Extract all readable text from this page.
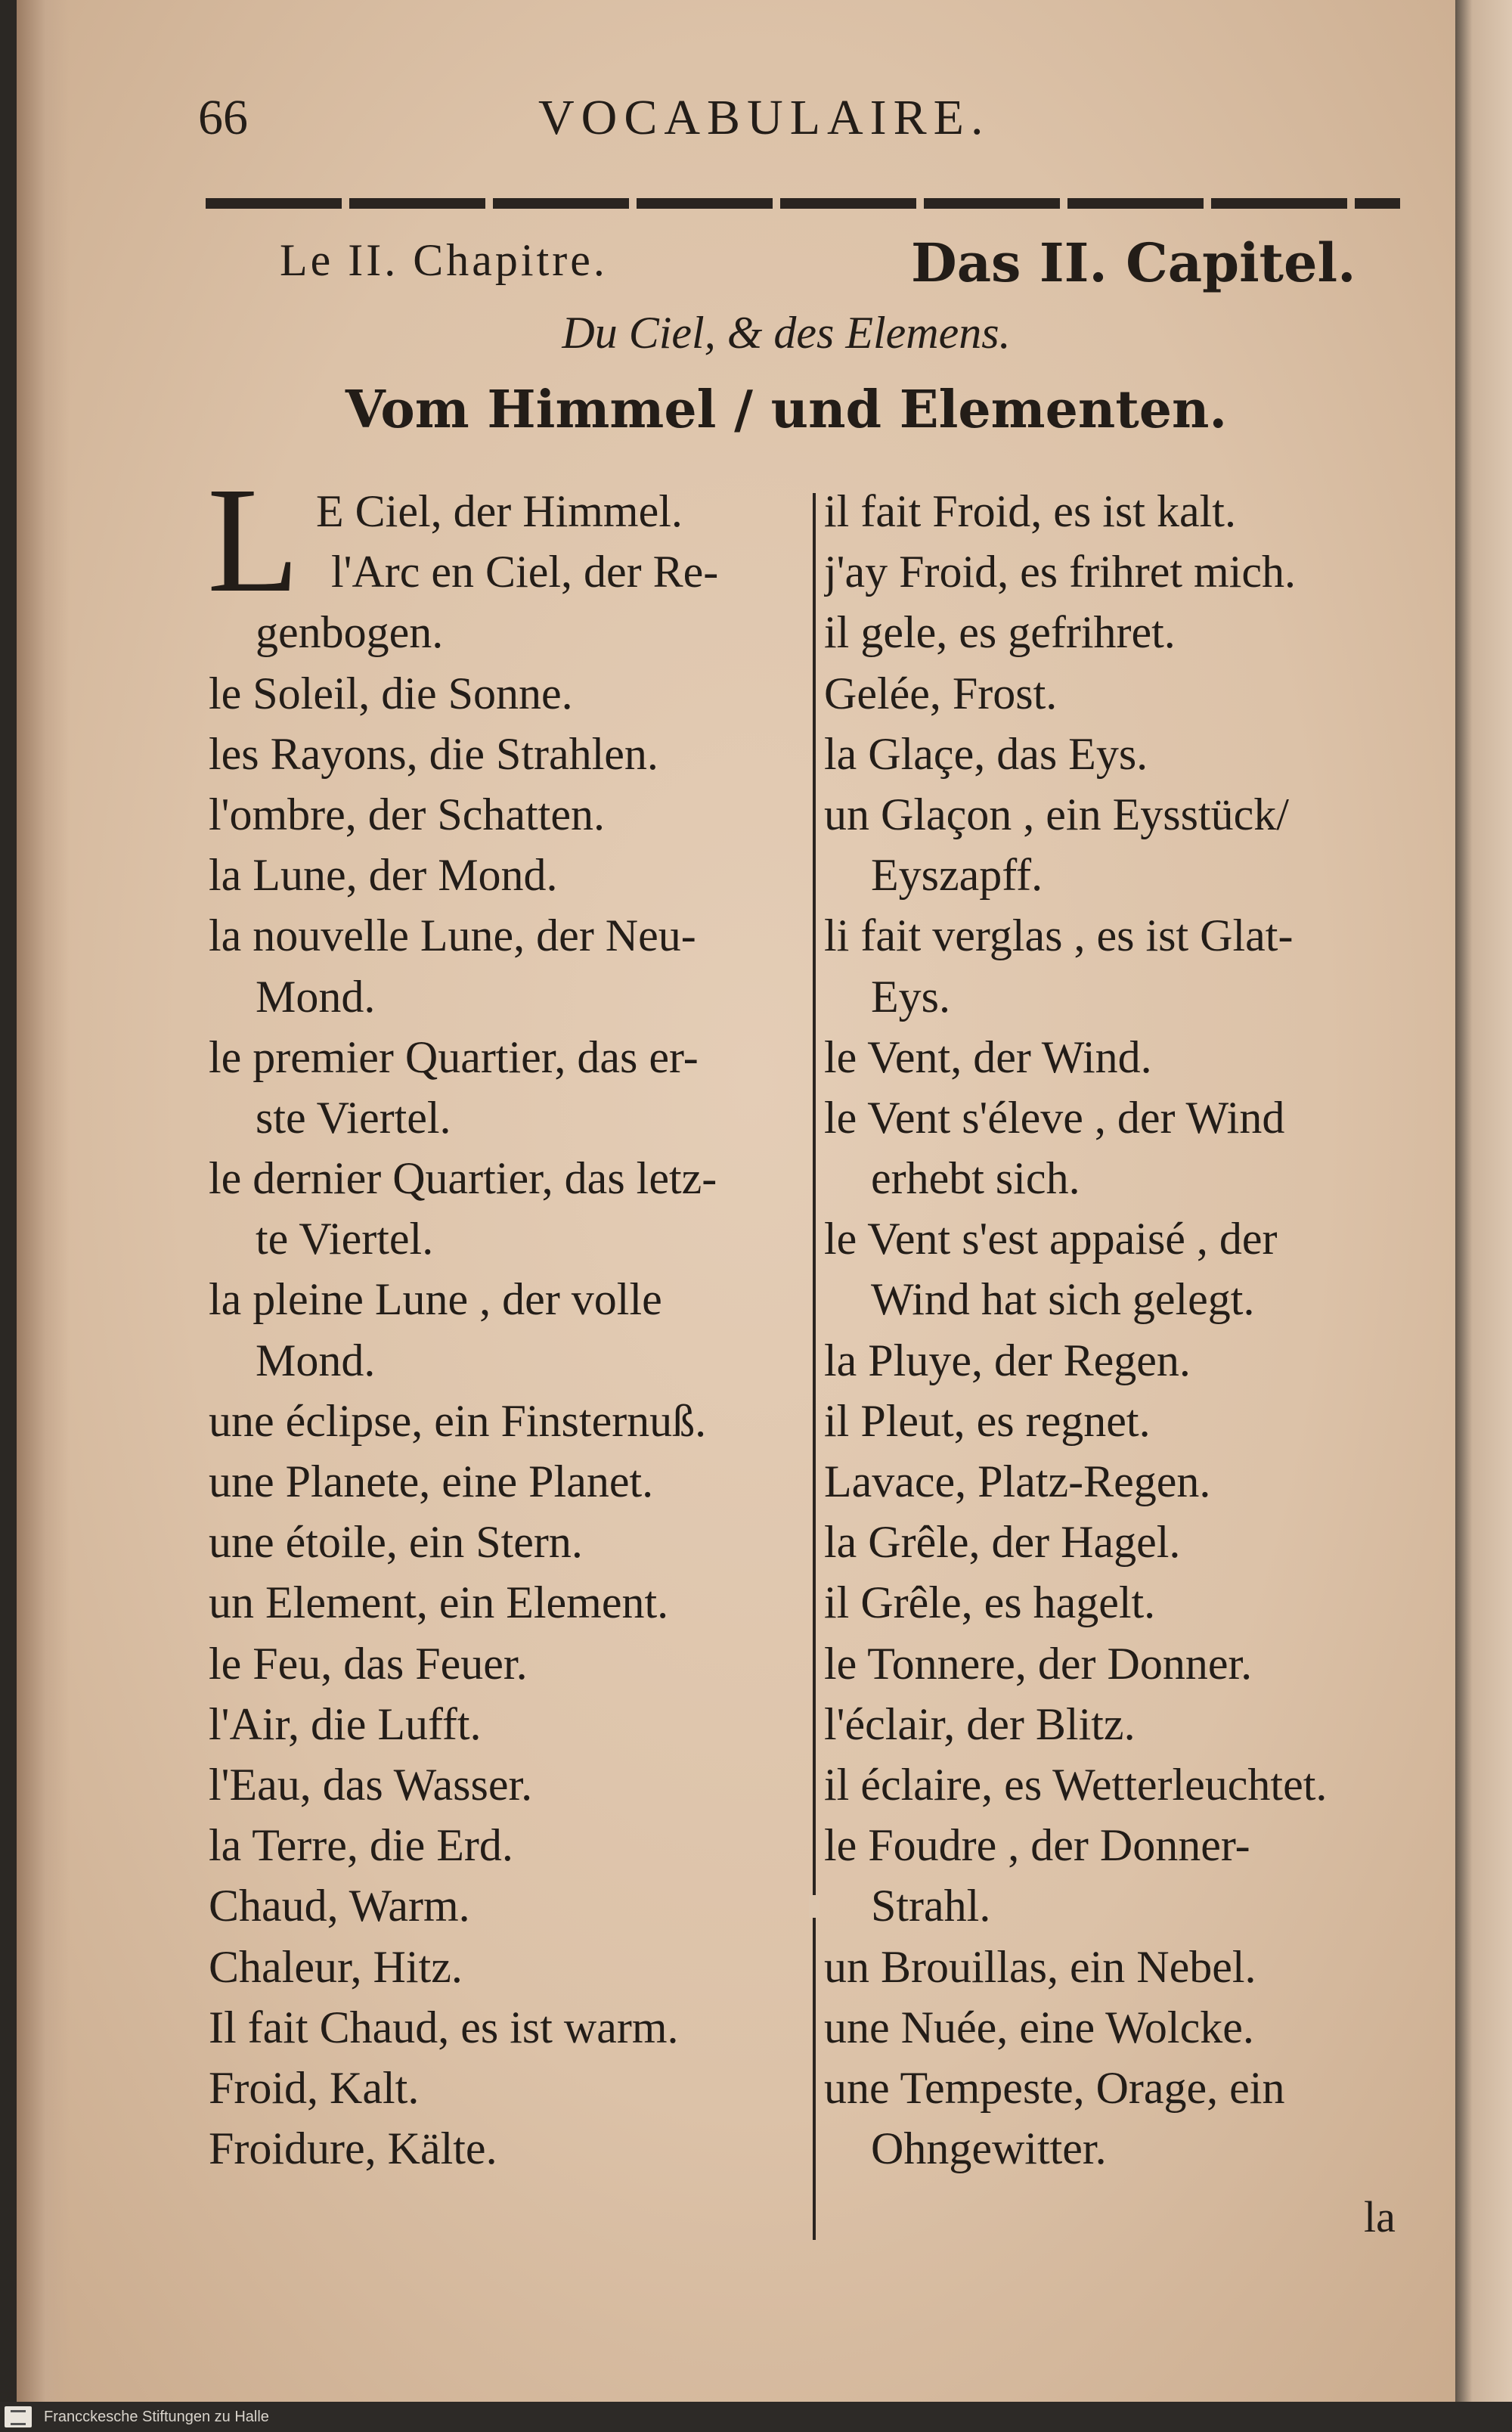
66	VOCABULAIRE.
Le II. Chapitre.	Das II. Capitel.
Du Ciel, & des Elemens.
Vom Himmel / und Elementen.
L E Ciel, der Himmel.
l'Arc en Ciel, der Re-
genbogen.
le Soleil, die Sonne.
les Rayons, die Strahlen.
l'ombre, der Schatten.
la Lune, der Mond.
la nouvelle Lune, der Neu-
Mond.
le premier Quartier, das er-
ste Viertel.
le dernier Quartier, das letz-
te Viertel.
la pleine Lune , der volle
Mond.
une éclipse, ein Finsternuß.
une Planete, eine Planet.
une étoile, ein Stern.
un Element, ein Element.
le Feu, das Feuer.
l'Air, die Lufft.
l'Eau, das Wasser.
la Terre, die Erd.
Chaud, Warm.
Chaleur, Hitz.
Il fait Chaud, es ist warm.
Froid, Kalt.
Froidure, Kälte.
il fait Froid, es ist kalt.
j'ay Froid, es frihret mich.
il gele, es gefrihret.
Gelée, Frost.
la Glaçe, das Eys.
un Glaçon , ein Eysstück/
Eyszapff.
li fait verglas , es ist Glat-
Eys.
le Vent, der Wind.
le Vent s'éleve , der Wind
erhebt sich.
le Vent s'est appaisé , der
Wind hat sich gelegt.
la Pluye, der Regen.
il Pleut, es regnet.
Lavace, Platz-Regen.
la Grêle, der Hagel.
il Grêle, es hagelt.
le Tonnere, der Donner.
l'éclair, der Blitz.
il éclaire, es Wetterleuchtet.
le Foudre , der Donner-
Strahl.
un Brouillas, ein Nebel.
une Nuée, eine Wolcke.
une Tempeste, Orage, ein
Ohngewitter.
la
Francckesche Stiftungen zu Halle
